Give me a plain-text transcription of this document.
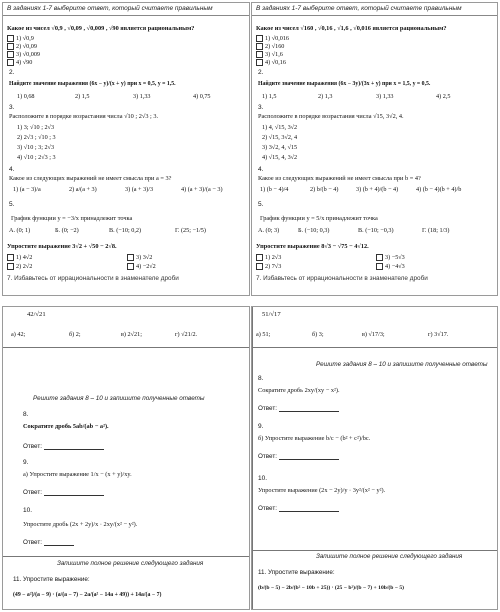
В заданиях 1-7 выберите ответ, который считаете правильным
Какое из чисел √0,9 , √0,09 , √0,009 , √90 является рациональным?
1) √0,9
2) √0,09
3) √0,009
4) √90
2.
Найдите значение выражения (6x − y)/(x + y) при x = 0,5, y = 1,5.
1) 0,68	2) 1,5	3) 1,33	4) 0,75
3.
Расположите в порядке возрастания числа √10 ; 2√3 ; 3.
1) 3; √10 ; 2√3
2) 2√3 ; √10 ; 3
3) √10 ; 3; 2√3
4) √10 ; 2√3 ; 3
4.
Какое из следующих выражений не имеет смысла при a = 3?
1) (a − 3)/a	2) a/(a + 3)	3) (a + 3)/3	4) (a + 3)/(a − 3)
5.
График функции y = −3/x принадлежит точка
А. (0; 1)	Б. (0; −2)	В. (−10; 0,2)	Г. (25; −1/5)
Упростите выражение 3√2 + √50 − 2√8.
1) 4√2	3) 3√2
2) 2√2	4) −2√2
7. Избавьтесь от иррациональности в знаменателе дроби
В заданиях 1-7 выберите ответ, который считаете правильным
Какое из чисел √160 , √0,16 , √1,6 , √0,016 является рациональным?
1) √0,016
2) √160
3) √1,6
4) √0,16
2.
Найдите значение выражения (6x − 3y)/(3x + y) при x = 1,5, y = 0,5.
1) 1,5	2) 1,3	3) 1,33	4) 2,5
3.
Расположите в порядке возрастания числа √15, 3√2, 4.
1) 4, √15, 3√2
2) √15, 3√2, 4
3) 3√2, 4, √15
4) √15, 4, 3√2
4.
Какое из следующих выражений не имеет смысла при b = 4?
1) (b − 4)/4	2) b/(b − 4)	3) (b + 4)/(b − 4)	4) (b − 4)(b + 4)/b
5.
График функции y = 5/x принадлежит точка
А. (0; 3)	Б. (−10; 0,3)	В. (−10; −0,3)	Г. (18; 1/3)
Упростите выражение 8√3 − √75 − 4√12.
1) 2√3	3) −5√3
2) 7√3	4) −4√3
7. Избавьтесь от иррациональности в знаменателе дроби
42/√21
а) 42;	б) 2;	в) 2√21;	г) √21/2.
Решите задания 8 – 10 и запишите полученные ответы
8.
Сократите дробь 5ab/(ab − a²).
Ответ:
9.
а) Упростите выражение 1/x − (x + y)/xy.
Ответ:
10.
Упростите дробь (2x + 2y)/x · 2xy/(x² − y²).
Ответ:
Запишите полное решение следующего задания
11. Упростите выражение:
(49 − a²)/(a − 9) · (a/(a − 7) − 2a/(a² − 14a + 49)) + 14a/(a − 7)
51/√17
а) 51;	б) 3;	в) √17/3;	г) 3√17.
Решите задания 8 – 10 и запишите полученные ответы
8.
Сократите дробь 2xy/(xy − x²).
Ответ:
9.
б) Упростите выражение b/c − (b² + c²)/bc.
Ответ:
10.
Упростите выражение (2x − 2y)/y · 3y²/(x² − y²).
Ответ:
Запишите полное решение следующего задания
11. Упростите выражение:
(b/(b − 5) − 2b/(b² − 10b + 25)) · (25 − b²)/(b − 7) + 10b/(b − 5)
